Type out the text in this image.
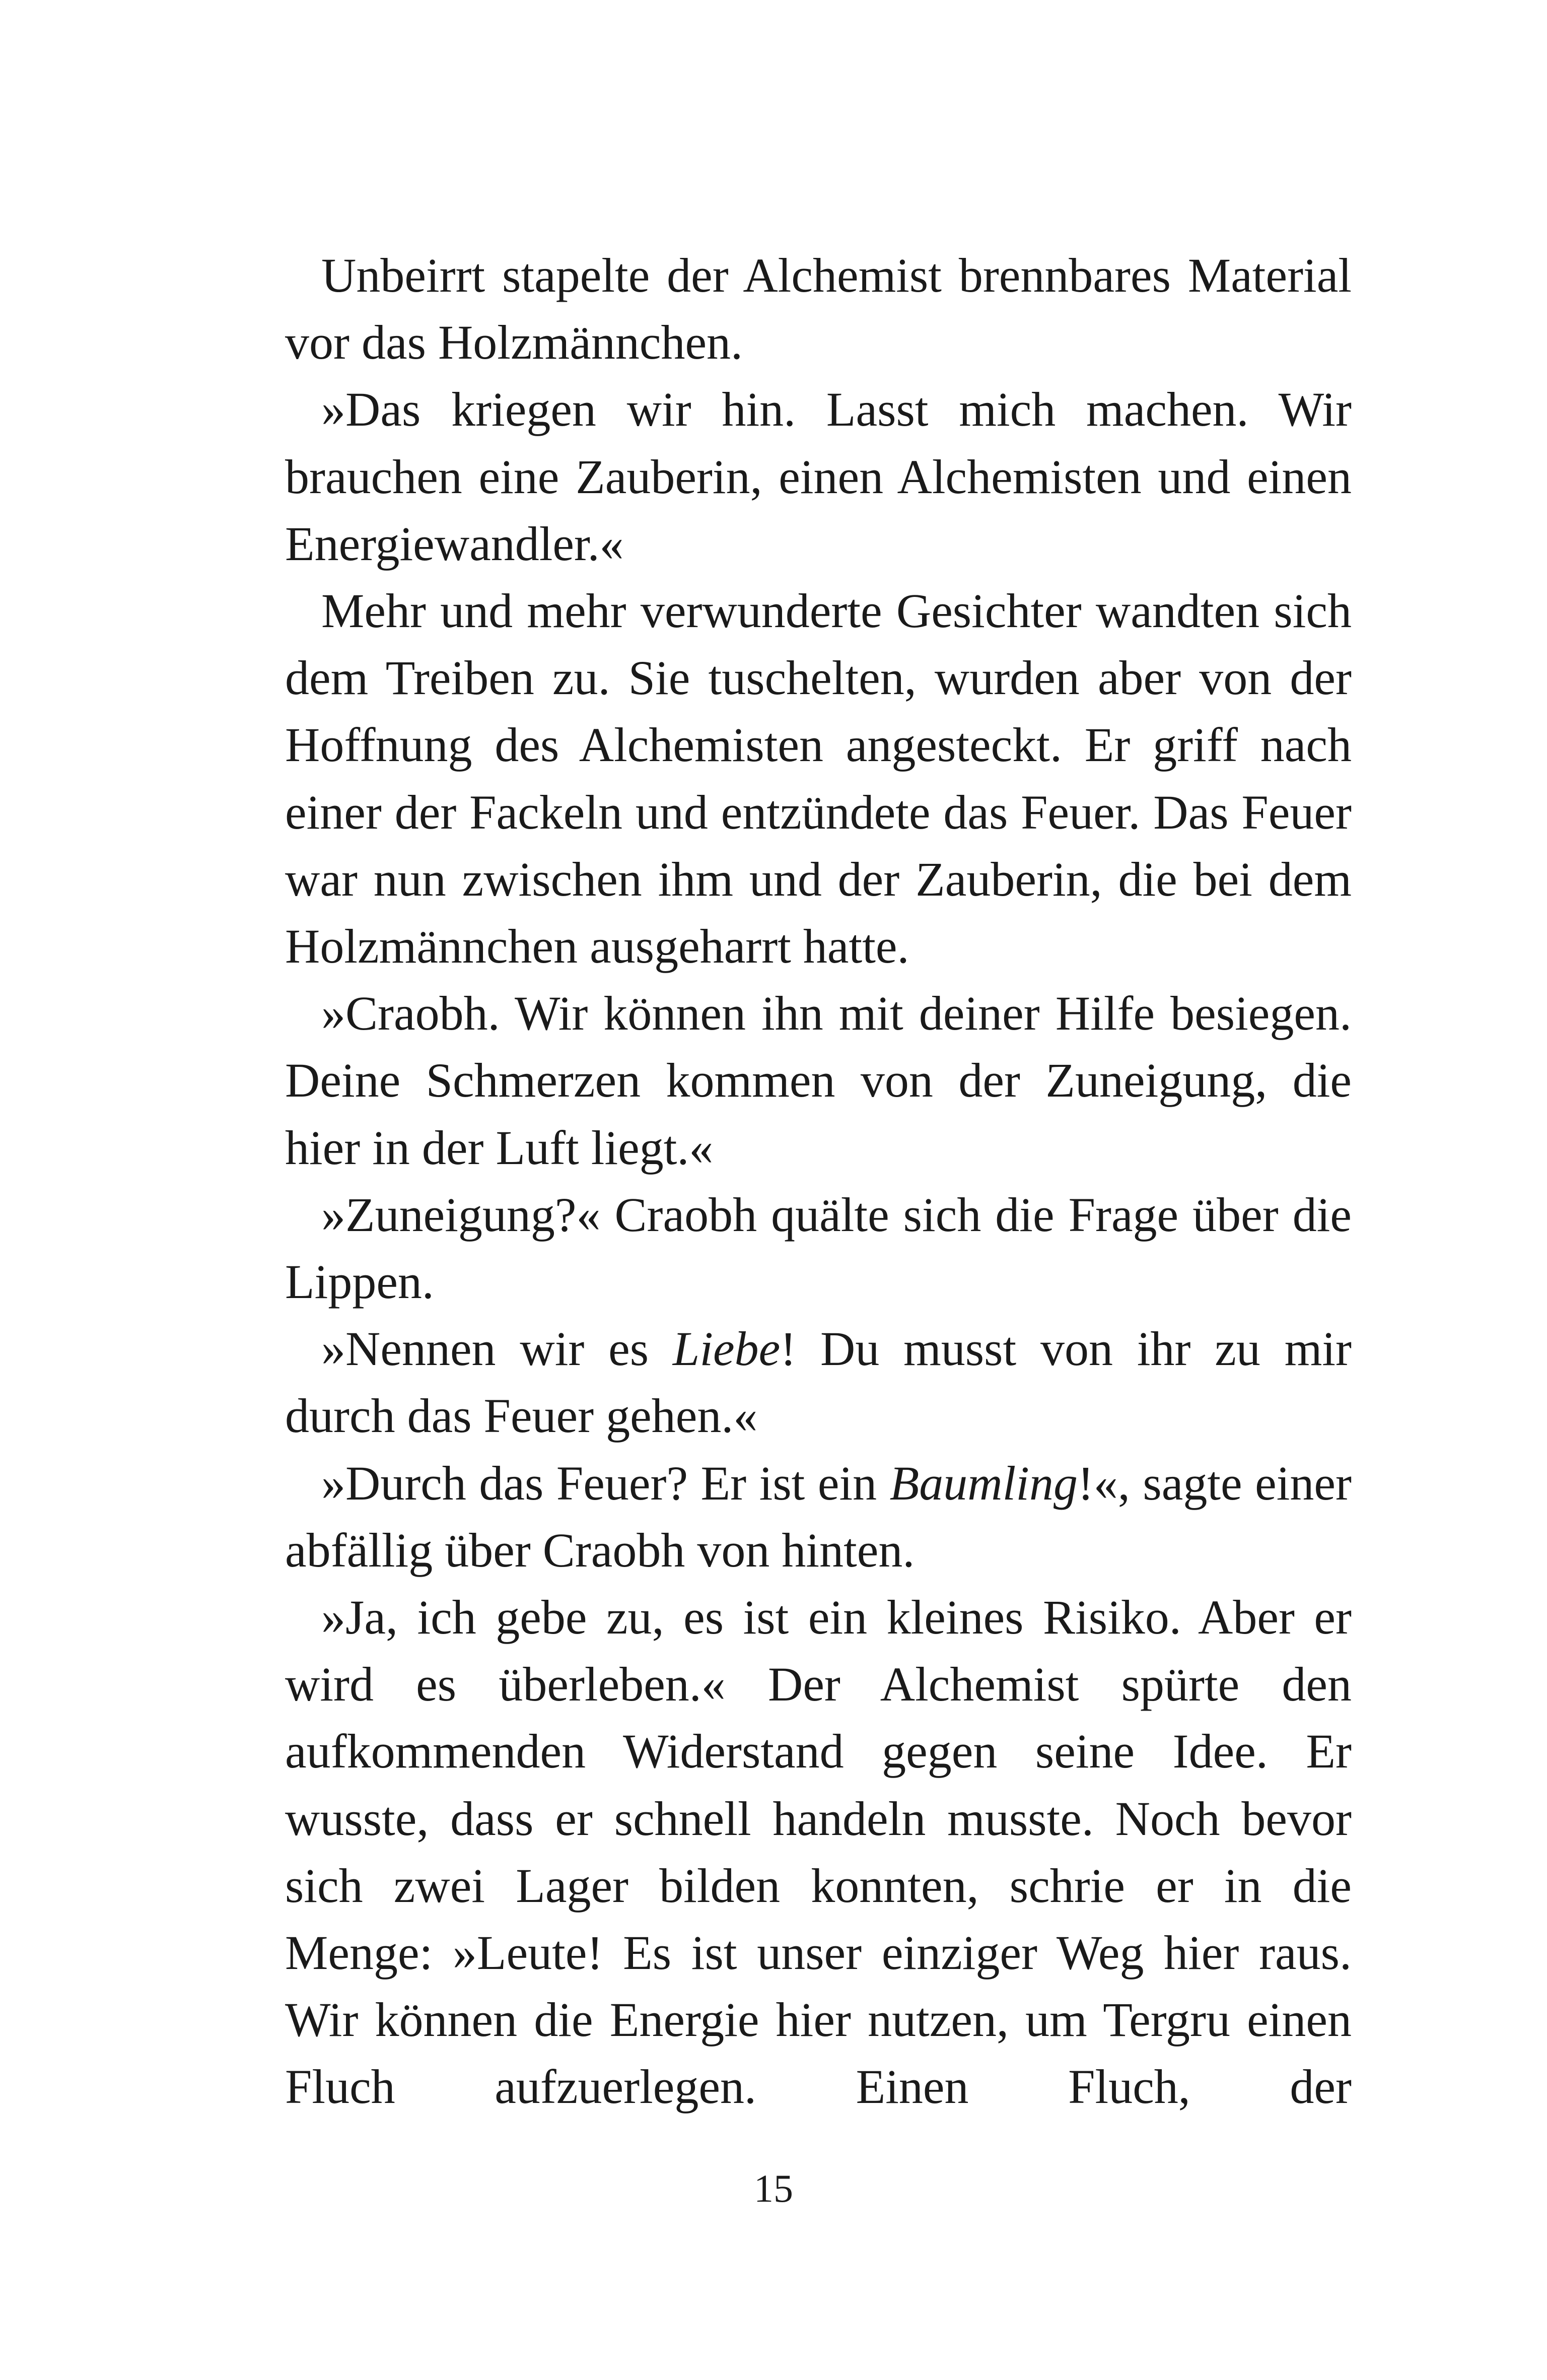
Unbeirrt stapelte der Alchemist brennbares Material vor das Holzmännchen.

»Das kriegen wir hin. Lasst mich machen. Wir brauchen eine Zauberin, einen Alchemisten und einen Energiewandler.«

Mehr und mehr verwunderte Gesichter wandten sich dem Treiben zu. Sie tuschelten, wurden aber von der Hoffnung des Alchemisten angesteckt. Er griff nach einer der Fackeln und entzündete das Feuer. Das Feuer war nun zwischen ihm und der Zauberin, die bei dem Holzmännchen ausgeharrt hatte.

»Craobh. Wir können ihn mit deiner Hilfe besiegen. Deine Schmerzen kommen von der Zuneigung, die hier in der Luft liegt.«

»Zuneigung?« Craobh quälte sich die Frage über die Lippen.

»Nennen wir es Liebe! Du musst von ihr zu mir durch das Feuer gehen.«

»Durch das Feuer? Er ist ein Baumling!«, sagte einer abfällig über Craobh von hinten.

»Ja, ich gebe zu, es ist ein kleines Risiko. Aber er wird es überleben.« Der Alchemist spürte den aufkommenden Widerstand gegen seine Idee. Er wusste, dass er schnell handeln musste. Noch bevor sich zwei Lager bilden konnten, schrie er in die Menge: »Leute! Es ist unser einziger Weg hier raus. Wir können die Energie hier nutzen, um Tergru einen Fluch aufzuerlegen. Einen Fluch, der

15
